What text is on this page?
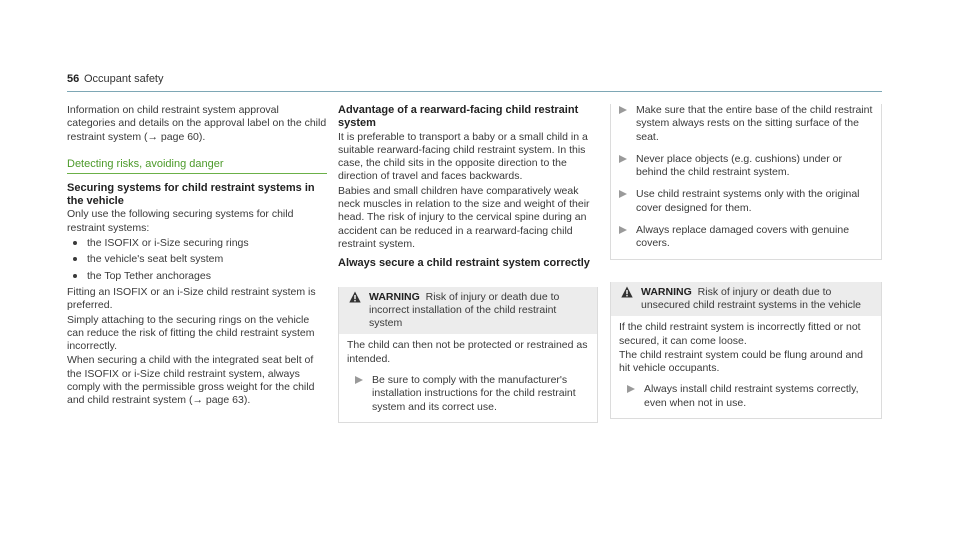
56 Occupant safety

Information on child restraint system approval categories and details on the approval label on the child restraint system (→ page 60).

Detecting risks, avoiding danger
Securing systems for child restraint systems in the vehicle

Only use the following securing systems for child restraint systems:

the ISOFIX or i-Size securing rings
the vehicle's seat belt system
the Top Tether anchorages

Fitting an ISOFIX or an i-Size child restraint system is preferred.

Simply attaching to the securing rings on the vehicle can reduce the risk of fitting the child restraint system incorrectly.

When securing a child with the integrated seat belt of the ISOFIX or i-Size child restraint system, always comply with the permissible gross weight for the child and child restraint system (→ page 63).

Advantage of a rearward-facing child restraint system

It is preferable to transport a baby or a small child in a suitable rearward-facing child restraint system. In this case, the child sits in the opposite direction to the direction of travel and faces backwards.

Babies and small children have comparatively weak neck muscles in relation to the size and weight of their head. The risk of injury to the cervical spine during an accident can be reduced in a rearward-facing child restraint system.

Always secure a child restraint system correctly
WARNING Risk of injury or death due to incorrect installation of the child restraint system

The child can then not be protected or restrained as intended.

Be sure to comply with the manufacturer's installation instructions for the child restraint system and its correct use.
Make sure that the entire base of the child restraint system always rests on the sitting surface of the seat.
Never place objects (e.g. cushions) under or behind the child restraint system.
Use child restraint systems only with the original cover designed for them.
Always replace damaged covers with genuine covers.
WARNING Risk of injury or death due to unsecured child restraint systems in the vehicle

If the child restraint system is incorrectly fitted or not secured, it can come loose.

The child restraint system could be flung around and hit vehicle occupants.

Always install child restraint systems correctly, even when not in use.
